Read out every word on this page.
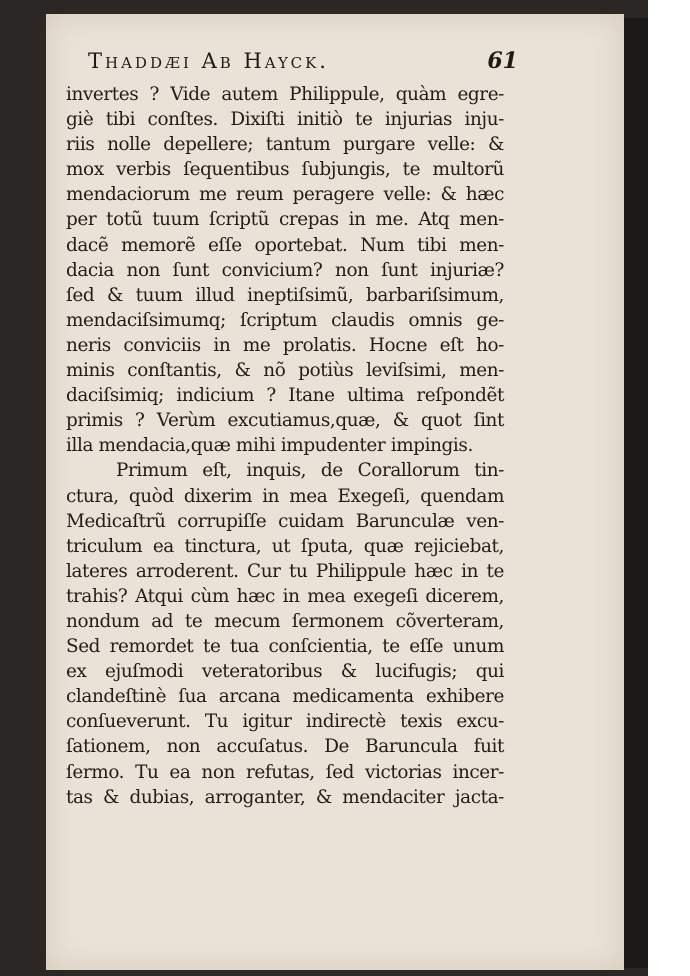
Thaddæi Ab Hayck.	61
invertes ? Vide autem Philippule, quàm egre-
giè tibi conſtes. Dixiſti initiò te injurias inju-
riis nolle depellere; tantum purgare velle: &
mox verbis ſequentibus ſubjungis, te multorũ
mendaciorum me reum peragere velle: & hæc
per totũ tuum ſcriptũ crepas in me. Atq men-
dacẽ memorẽ eſſe oportebat. Num tibi men-
dacia non ſunt convicium? non ſunt injuriæ?
ſed & tuum illud ineptiſsimũ, barbariſsimum,
mendaciſsimumq; ſcriptum claudis omnis ge-
neris conviciis in me prolatis. Hocne eſt ho-
minis conſtantis, & nõ potiùs leviſsimi, men-
daciſsimiq; indicium ? Itane ultima reſpondẽt
primis ? Verùm excutiamus,quæ, & quot ſint
illa mendacia,quæ mihi impudenter impingis.
Primum eſt, inquis, de Corallorum tin-
ctura, quòd dixerim in mea Exegeſi, quendam
Medicaſtrũ corrupiſſe cuidam Barunculæ ven-
triculum ea tinctura, ut ſputa, quæ rejiciebat,
lateres arroderent. Cur tu Philippule hæc in te
trahis? Atqui cùm hæc in mea exegeſi dicerem,
nondum ad te mecum ſermonem cõverteram,
Sed remordet te tua conſcientia, te eſſe unum
ex ejuſmodi veteratoribus & lucifugis; qui
clandeſtinè ſua arcana medicamenta exhibere
conſueverunt. Tu igitur indirectè texis excu-
ſationem, non accuſatus. De Baruncula fuit
ſermo. Tu ea non refutas, ſed victorias incer-
tas & dubias, arroganter, & mendaciter jacta-
